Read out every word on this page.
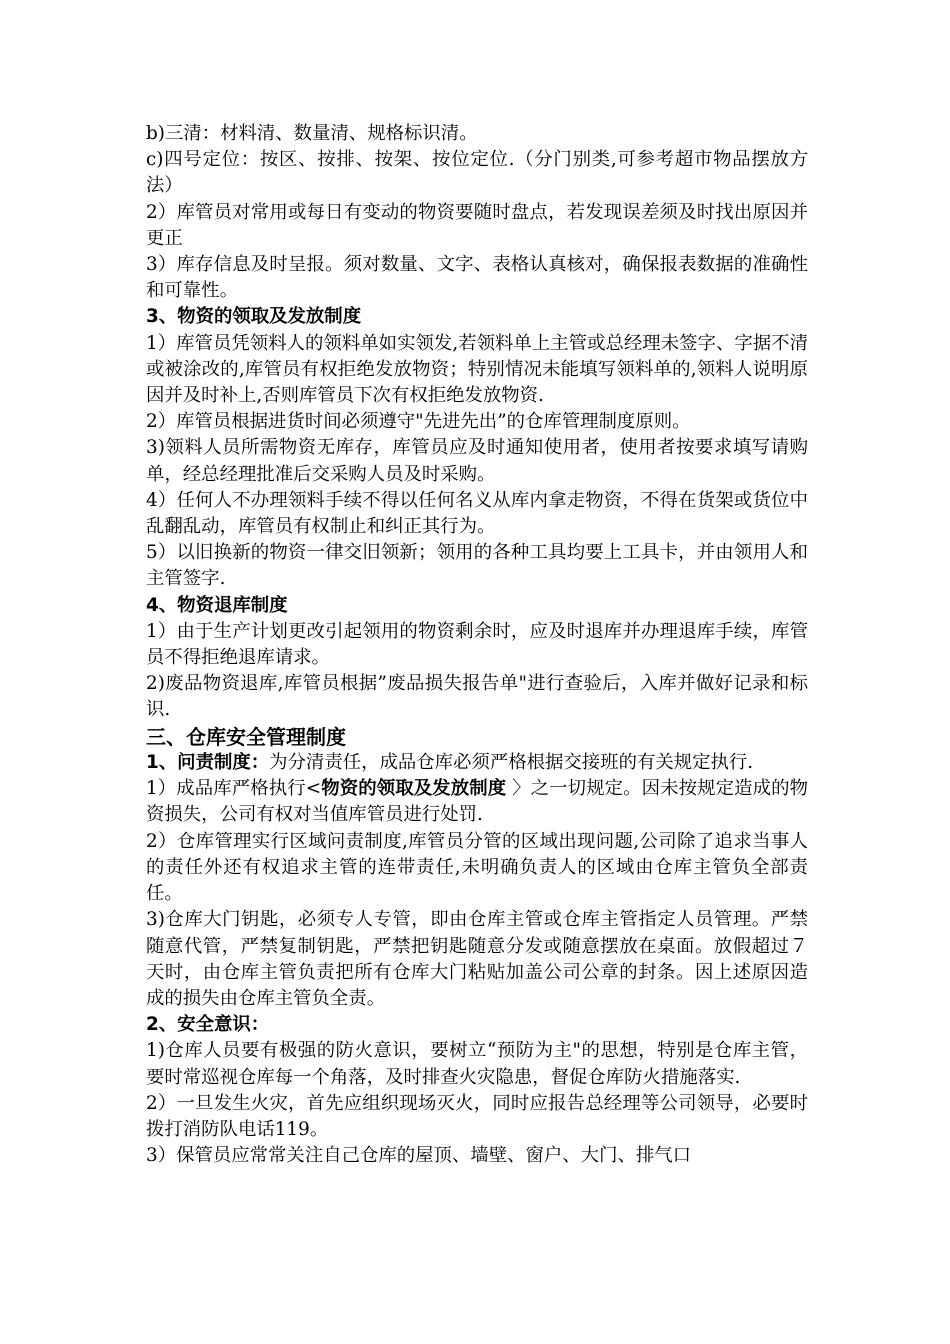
b)三清：材料清、数量清、规格标识清。

c)四号定位：按区、按排、按架、按位定位.（分门别类,可参考超市物品摆放方法）

2）库管员对常用或每日有变动的物资要随时盘点，若发现误差须及时找出原因并更正

3）库存信息及时呈报。须对数量、文字、表格认真核对，确保报表数据的准确性和可靠性。

3、物资的领取及发放制度

1）库管员凭领料人的领料单如实领发,若领料单上主管或总经理未签字、字据不清或被涂改的,库管员有权拒绝发放物资；特别情况未能填写领料单的,领料人说明原因并及时补上,否则库管员下次有权拒绝发放物资.

2）库管员根据进货时间必须遵守"先进先出”的仓库管理制度原则。

3)领料人员所需物资无库存，库管员应及时通知使用者，使用者按要求填写请购单，经总经理批准后交采购人员及时采购。

4）任何人不办理领料手续不得以任何名义从库内拿走物资，不得在货架或货位中乱翻乱动，库管员有权制止和纠正其行为。

5）以旧换新的物资一律交旧领新；领用的各种工具均要上工具卡，并由领用人和主管签字.

4、物资退库制度

1）由于生产计划更改引起领用的物资剩余时，应及时退库并办理退库手续，库管员不得拒绝退库请求。

2)废品物资退库,库管员根据”废品损失报告单"进行查验后，入库并做好记录和标识.

三、仓库安全管理制度

1、问责制度：为分清责任，成品仓库必须严格根据交接班的有关规定执行.

1）成品库严格执行<物资的领取及发放制度 〉之一切规定。因未按规定造成的物资损失，公司有权对当值库管员进行处罚.

2）仓库管理实行区域问责制度,库管员分管的区域出现问题,公司除了追求当事人的责任外还有权追求主管的连带责任,未明确负责人的区域由仓库主管负全部责任。

3)仓库大门钥匙，必须专人专管，即由仓库主管或仓库主管指定人员管理。严禁随意代管，严禁复制钥匙，严禁把钥匙随意分发或随意摆放在桌面。放假超过７天时，由仓库主管负责把所有仓库大门粘贴加盖公司公章的封条。因上述原因造成的损失由仓库主管负全责。

2、安全意识：

1)仓库人员要有极强的防火意识，要树立“预防为主"的思想，特别是仓库主管，要时常巡视仓库每一个角落，及时排查火灾隐患，督促仓库防火措施落实.

2）一旦发生火灾，首先应组织现场灭火，同时应报告总经理等公司领导，必要时拨打消防队电话119。

3）保管员应常常关注自己仓库的屋顶、墙壁、窗户、大门、排气口
